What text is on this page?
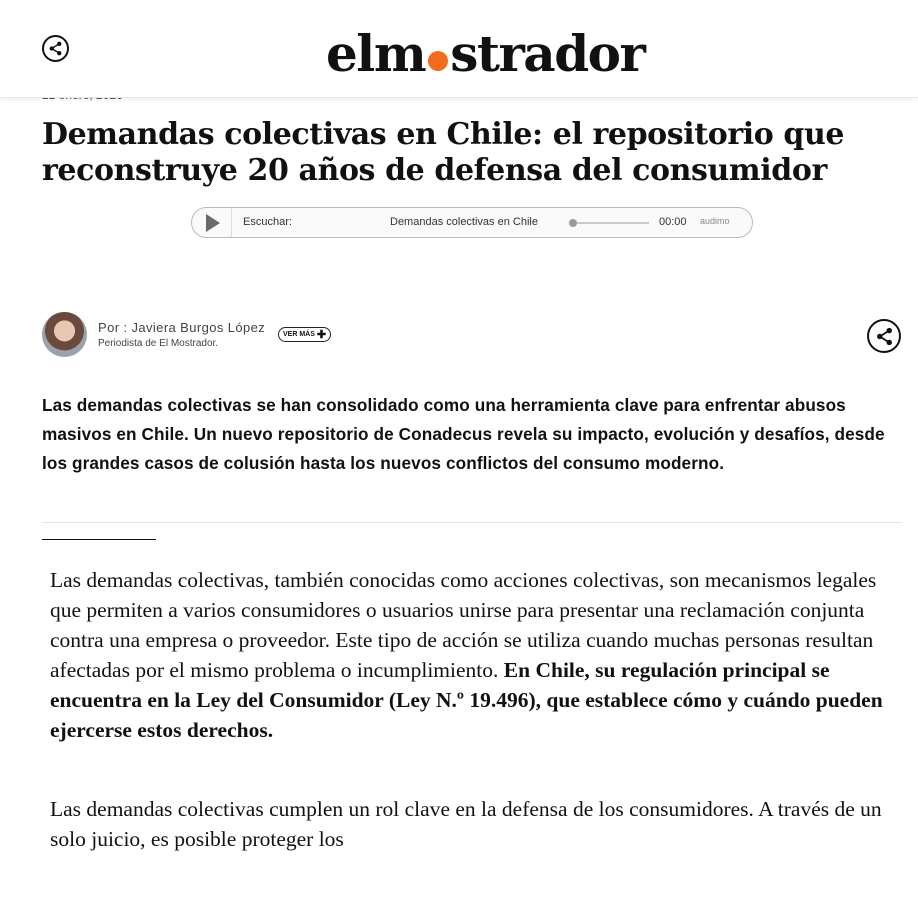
el m strador
Demandas colectivas en Chile: el repositorio que reconstruye 20 años de defensa del consumidor
Escuchar:	Demandas colectivas en Chile	00:00 audimo
Por : Javiera Burgos López
Periodista de El Mostrador.
VER MÁS ✚

Las demandas colectivas se han consolidado como una herramienta clave para enfrentar abusos masivos en Chile. Un nuevo repositorio de Conadecus revela su impacto, evolución y desafíos, desde los grandes casos de colusión hasta los nuevos conflictos del consumo moderno.

Las demandas colectivas, también conocidas como acciones colectivas, son mecanismos legales que permiten a varios consumidores o usuarios unirse para presentar una reclamación conjunta contra una empresa o proveedor. Este tipo de acción se utiliza cuando muchas personas resultan afectadas por el mismo problema o incumplimiento. En Chile, su regulación principal se encuentra en la Ley del Consumidor (Ley N.º 19.496), que establece cómo y cuándo pueden ejercerse estos derechos.

Las demandas colectivas cumplen un rol clave en la defensa de los consumidores. A través de un solo juicio, es posible proteger los
